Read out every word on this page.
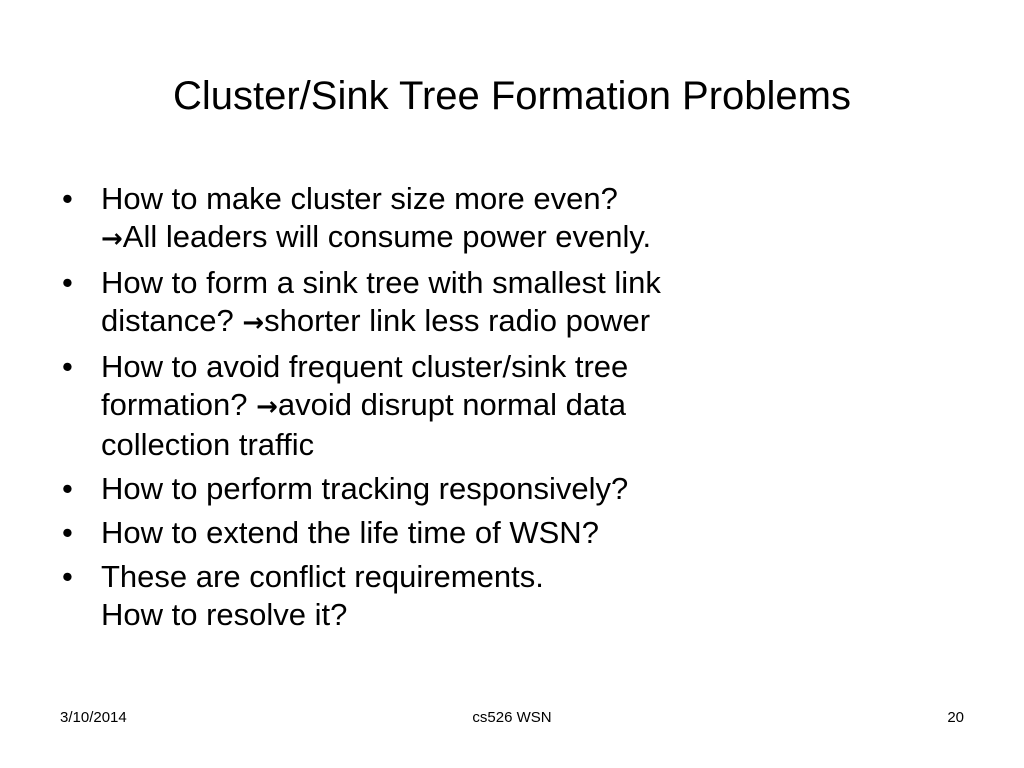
Cluster/Sink Tree Formation Problems
• How to make cluster size more even?
→All leaders will consume power evenly.
• How to form a sink tree with smallest link
distance? →shorter link less radio power
• How to avoid frequent cluster/sink tree
formation? →avoid disrupt normal data
collection traffic
• How to perform tracking responsively?
• How to extend the life time of WSN?
• These are conflict requirements.
How to resolve it?
3/10/2014	cs526 WSN	20
